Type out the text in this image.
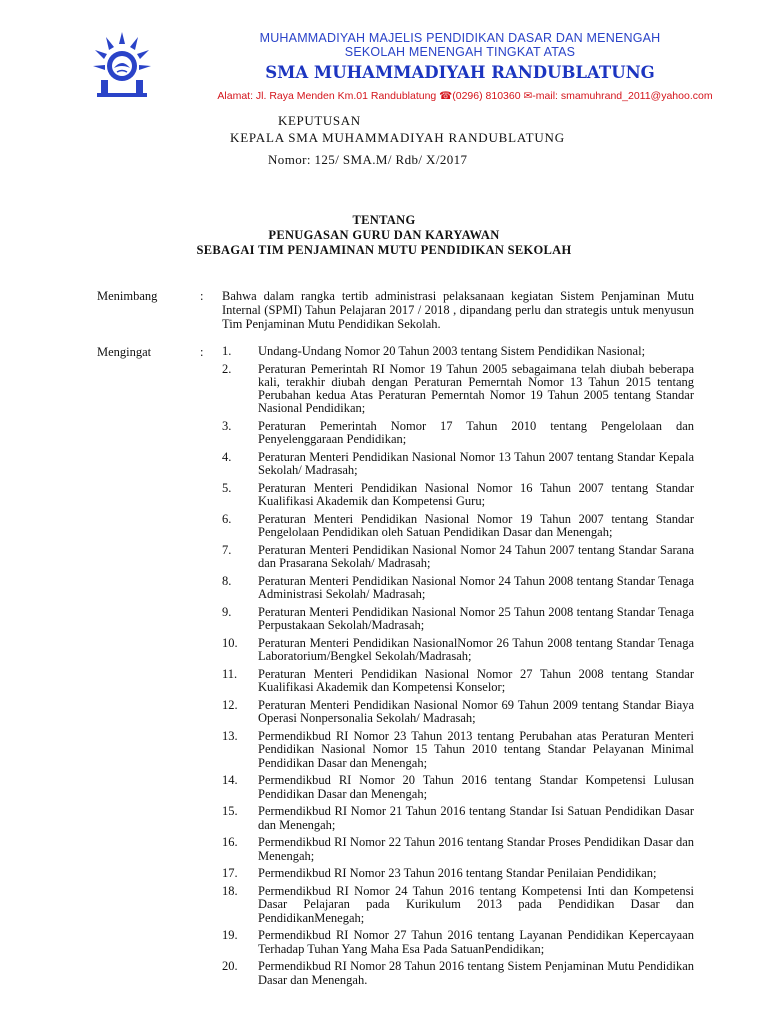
MUHAMMADIYAH MAJELIS PENDIDIKAN DASAR DAN MENENGAH
SEKOLAH MENENGAH TINGKAT ATAS
SMA MUHAMMADIYAH RANDUBLATUNG
Alamat: Jl. Raya Menden Km.01 Randublatung ☎(0296) 810360 ✉-mail: smamuhrand_2011@yahoo.com
KEPUTUSAN
KEPALA SMA MUHAMMADIYAH RANDUBLATUNG
Nomor: 125/ SMA.M/ Rdb/ X/2017
TENTANG
PENUGASAN GURU DAN KARYAWAN
SEBAGAI TIM PENJAMINAN MUTU PENDIDIKAN SEKOLAH
Menimbang	: Bahwa dalam rangka tertib administrasi pelaksanaan kegiatan Sistem Penjaminan Mutu Internal (SPMI) Tahun Pelajaran 2017 / 2018 , dipandang perlu dan strategis untuk menyusun Tim Penjaminan Mutu Pendidikan Sekolah.
Mengingat	: 1.	Undang-Undang Nomor 20 Tahun 2003 tentang Sistem Pendidikan Nasional;
2.	Peraturan Pemerintah RI Nomor 19 Tahun 2005 sebagaimana telah diubah beberapa kali, terakhir diubah dengan Peraturan Pemerntah Nomor 13 Tahun 2015 tentang Perubahan kedua Atas Peraturan Pemerntah Nomor 19 Tahun 2005 tentang Standar Nasional Pendidikan;
3.	Peraturan Pemerintah Nomor 17 Tahun 2010 tentang Pengelolaan dan Penyelenggaraan Pendidikan;
4.	Peraturan Menteri Pendidikan Nasional Nomor 13 Tahun 2007 tentang Standar Kepala Sekolah/ Madrasah;
5.	Peraturan Menteri Pendidikan Nasional Nomor 16 Tahun 2007 tentang Standar Kualifikasi Akademik dan Kompetensi Guru;
6.	Peraturan Menteri Pendidikan Nasional Nomor 19 Tahun 2007 tentang Standar Pengelolaan Pendidikan oleh Satuan Pendidikan Dasar dan Menengah;
7.	Peraturan Menteri Pendidikan Nasional Nomor 24 Tahun 2007 tentang Standar Sarana dan Prasarana Sekolah/ Madrasah;
8.	Peraturan Menteri Pendidikan Nasional Nomor 24 Tahun 2008 tentang Standar Tenaga Administrasi Sekolah/ Madrasah;
9.	Peraturan Menteri Pendidikan Nasional Nomor 25 Tahun 2008 tentang Standar Tenaga Perpustakaan Sekolah/Madrasah;
10.	Peraturan Menteri Pendidikan NasionalNomor 26 Tahun 2008 tentang Standar Tenaga Laboratorium/Bengkel Sekolah/Madrasah;
11.	Peraturan Menteri Pendidikan Nasional Nomor 27 Tahun 2008 tentang Standar Kualifikasi Akademik dan Kompetensi Konselor;
12.	Peraturan Menteri Pendidikan Nasional Nomor 69 Tahun 2009 tentang Standar Biaya Operasi Nonpersonalia Sekolah/ Madrasah;
13.	Permendikbud RI Nomor 23 Tahun 2013 tentang Perubahan atas Peraturan Menteri Pendidikan Nasional Nomor 15 Tahun 2010 tentang Standar Pelayanan Minimal Pendidikan Dasar dan Menengah;
14.	Permendikbud RI Nomor 20 Tahun 2016 tentang Standar Kompetensi Lulusan Pendidikan Dasar dan Menengah;
15.	Permendikbud RI Nomor 21 Tahun 2016 tentang Standar Isi Satuan Pendidikan Dasar dan Menengah;
16.	Permendikbud RI Nomor 22 Tahun 2016 tentang Standar Proses Pendidikan Dasar dan Menengah;
17.	Permendikbud RI Nomor 23 Tahun 2016 tentang Standar Penilaian Pendidikan;
18.	Permendikbud RI Nomor 24 Tahun 2016 tentang Kompetensi Inti dan Kompetensi Dasar Pelajaran pada Kurikulum 2013 pada Pendidikan Dasar dan PendidikanMenegah;
19.	Permendikbud RI Nomor 27 Tahun 2016 tentang Layanan Pendidikan Kepercayaan Terhadap Tuhan Yang Maha Esa Pada SatuanPendidikan;
20.	Permendikbud RI Nomor 28 Tahun 2016 tentang Sistem Penjaminan Mutu Pendidikan Dasar dan Menengah.
